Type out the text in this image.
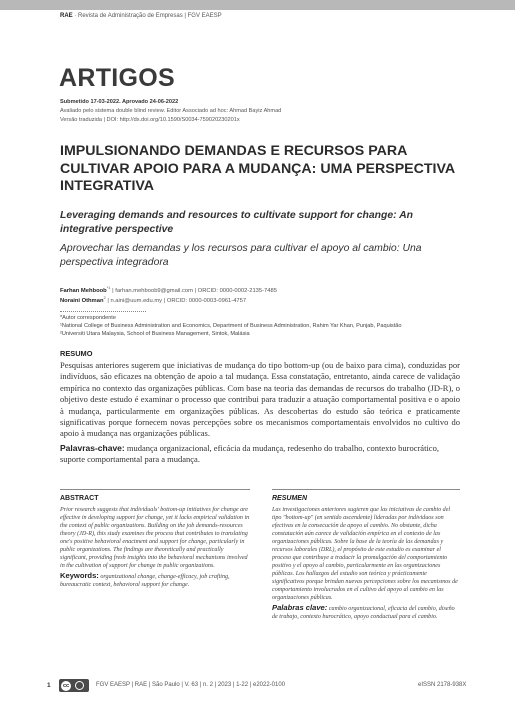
RAE · Revista de Administração de Empresas | FGV EAESP
ARTIGOS
Submetido 17-03-2022. Aprovado 24-06-2022
Avaliado pelo sistema double blind review. Editor Associado ad hoc: Ahmad Bayiz Ahmad
Versão traduzida | DOI: http://dx.doi.org/10.1590/S0034-759020230201x
IMPULSIONANDO DEMANDAS E RECURSOS PARA CULTIVAR APOIO PARA A MUDANÇA: UMA PERSPECTIVA INTEGRATIVA
Leveraging demands and resources to cultivate support for change: An integrative perspective
Aprovechar las demandas y los recursos para cultivar el apoyo al cambio: Una perspectiva integradora
Farhan Mehboob$^{*1}$ | farhan.mehboob9@gmail.com | ORCID: 0000-0002-2135-7485
Noraini Othman$^2$ | n.aini@uum.edu.my | ORCID: 0000-0003-0961-4757
*Autor correspondente
¹National College of Business Administration and Economics, Department of Business Administration, Rahim Yar Khan, Punjab, Paquistão
²Universiti Utara Malaysia, School of Business Management, Sintok, Malásia
RESUMO
Pesquisas anteriores sugerem que iniciativas de mudança do tipo bottom-up (ou de baixo para cima), conduzidas por indivíduos, são eficazes na obtenção de apoio a tal mudança. Essa constatação, entretanto, ainda carece de validação empírica no contexto das organizações públicas. Com base na teoria das demandas de recursos do trabalho (JD-R), o objetivo deste estudo é examinar o processo que contribui para traduzir a atuação comportamental positiva e o apoio à mudança, particularmente em organizações públicas. As descobertas do estudo são teórica e praticamente significativas porque fornecem novas percepções sobre os mecanismos comportamentais envolvidos no cultivo do apoio à mudança nas organizações públicas.
Palavras-chave: mudança organizacional, eficácia da mudança, redesenho do trabalho, contexto burocrático, suporte comportamental para a mudança.
ABSTRACT
Prior research suggests that individuals' bottom-up initiatives for change are effective in developing support for change, yet it lacks empirical validation in the context of public organizations. Building on the job demands-resources theory (JD-R), this study examines the process that contributes to translating one's positive behavioral enactment and support for change, particularly in public organizations. The findings are theoretically and practically significant, providing fresh insights into the behavioral mechanisms involved in the cultivation of support for change in public organizations.
Keywords: organizational change, change-efficacy, job crafting, bureaucratic context, behavioral support for change.
RESUMEN
Las investigaciones anteriores sugieren que las iniciativas de cambio del tipo "bottom-up" (en sentido ascendente) lideradas por individuos son efectivas en la consecución de apoyo al cambio. No obstante, dicha constatación aún carece de validación empírica en el contexto de las organizaciones públicas. Sobre la base de la teoría de las demandas y recursos laborales (DRL), el propósito de este estudio es examinar el proceso que contribuye a traducir la promulgación del comportamiento positivo y el apoyo al cambio, particularmente en las organizaciones públicas. Los hallazgos del estudio son teórica y prácticamente significativos porque brindan nuevas percepciones sobre los mecanismos de comportamiento involucrados en el cultivo del apoyo al cambio en las organizaciones públicas.
Palabras clave: cambio organizacional, eficacia del cambio, diseño de trabajo, contexto burocrático, apoyo conductual para el cambio.
1	cc	FGV EAESP | RAE | São Paulo | V. 63 | n. 2 | 2023 | 1-22 | e2022-0100	eISSN 2178-938X
